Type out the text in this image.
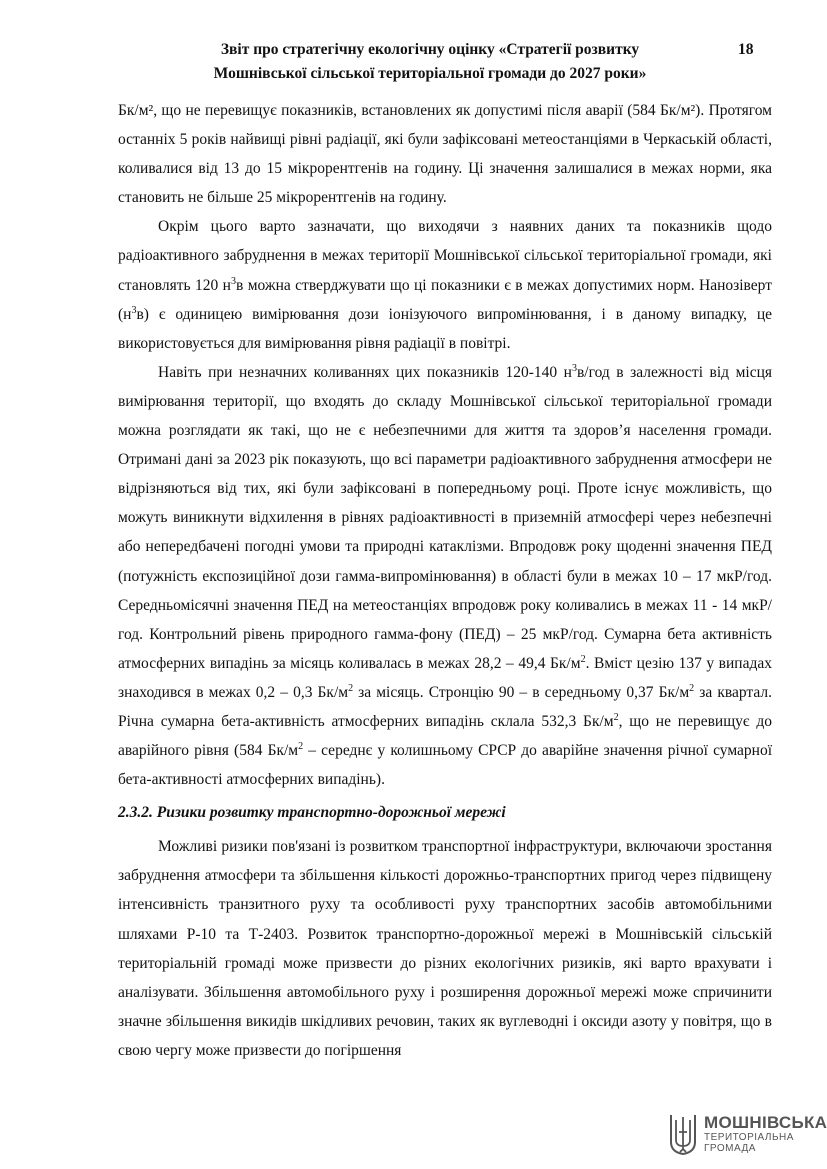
Звіт про стратегічну екологічну оцінку «Стратегії розвитку
Мошнівської сільської територіальної громади до 2027 роки»
18

Бк/м², що не перевищує показників, встановлених як допустимі після аварії (584 Бк/м²). Протягом останніх 5 років найвищі рівні радіації, які були зафіксовані метеостанціями в Черкаській області, коливалися від 13 до 15 мікрорентгенів на годину. Ці значення залишалися в межах норми, яка становить не більше 25 мікрорентгенів на годину.

Окрім цього варто зазначати, що виходячи з наявних даних та показників щодо радіоактивного забруднення в межах території Мошнівської сільської територіальної громади, які становлять 120 $н^3в$ можна стверджувати що ці показники є в межах допустимих норм. Нанозіверт $(н^3в)$ є одиницею вимірювання дози іонізуючого випромінювання, і в даному випадку, це використовується для вимірювання рівня радіації в повітрі.

Навіть при незначних коливаннях цих показників 120-140 $н^3в$/год в залежності від місця вимірювання території, що входять до складу Мошнівської сільської територіальної громади можна розглядати як такі, що не є небезпечними для життя та здоров’я населення громади. Отримані дані за 2023 рік показують, що всі параметри радіоактивного забруднення атмосфери не відрізняються від тих, які були зафіксовані в попередньому році. Проте існує можливість, що можуть виникнути відхилення в рівнях радіоактивності в приземній атмосфері через небезпечні або непередбачені погодні умови та природні катаклізми. Впродовж року щоденні значення ПЕД (потужність експозиційної дози гамма-випромінювання) в області були в межах 10 – 17 мкР/год. Середньомісячні значення ПЕД на метеостанціях впродовж року коливались в межах 11 - 14 мкР/год. Контрольний рівень природного гамма-фону (ПЕД) – 25 мкР/год. Сумарна бета активність атмосферних випадінь за місяць коливалась в межах 28,2 – 49,4 $Бк/м^2$. Вміст цезію 137 у випадах знаходився в межах 0,2 – 0,3 $Бк/м^2$ за місяць. Стронцію 90 – в середньому 0,37 $Бк/м^2$ за квартал. Річна сумарна бета-активність атмосферних випадінь склала 532,3 $Бк/м^2$, що не перевищує до аварійного рівня (584 $Бк/м^2$ – середнє у колишньому СРСР до аварійне значення річної сумарної бета-активності атмосферних випадінь).

2.3.2. Ризики розвитку транспортно-дорожньої мережі

Можливі ризики пов'язані із розвитком транспортної інфраструктури, включаючи зростання забруднення атмосфери та збільшення кількості дорожньо-транспортних пригод через підвищену інтенсивність транзитного руху та особливості руху транспортних засобів автомобільними шляхами Р-10 та Т-2403. Розвиток транспортно-дорожньої мережі в Мошнівській сільській територіальній громаді може призвести до різних екологічних ризиків, які варто врахувати і аналізувати. Збільшення автомобільного руху і розширення дорожньої мережі може спричинити значне збільшення викидів шкідливих речовин, таких як вуглеводні і оксиди азоту у повітря, що в свою чергу може призвести до погіршення

МОШНІВСЬКА
ТЕРИТОРІАЛЬНА
ГРОМАДА
